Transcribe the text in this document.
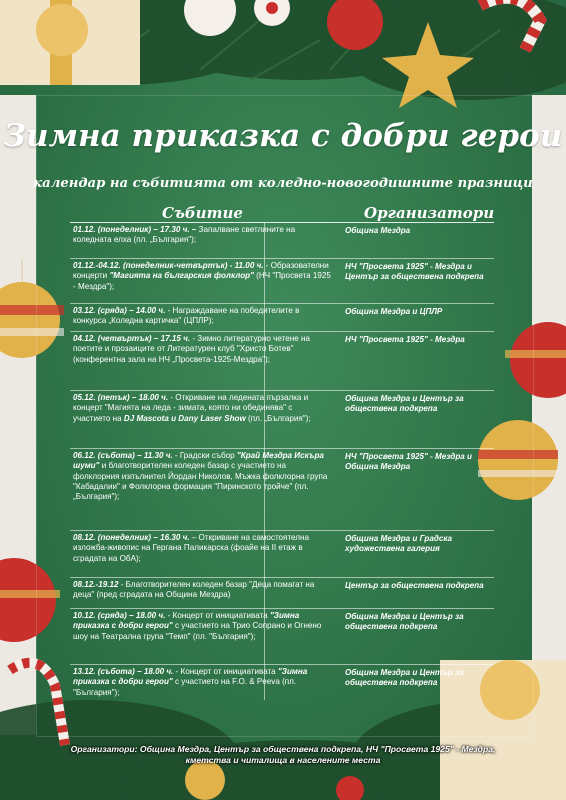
Зимна приказка с добри герои
календар на събитията от коледно-новогодишните празници
Събитие	Организатори
01.12. (понеделник) – 17.30 ч. – Запалване светлините на коледната елха (пл. „България");
Община Мездра
01.12.-04.12. (понеделник-четвъртък) - 11.00 ч. - Образователни концерти "Магията на българския фолклор" (НЧ "Просвета 1925 - Мездра");
НЧ "Просвета 1925" - Мездра и Център за обществена подкрепа
03.12. (сряда) – 14.00 ч. - Награждаване на победителите в конкурса „Коледна картичка" (ЦПЛР);
Община Мездра и ЦПЛР
04.12. (четвъртък) – 17.15 ч. - Зимно литературно четене на поетите и прозаиците от Литературен клуб "Христо Ботев" (конферентна зала на НЧ „Просвета-1925-Мездра");
НЧ "Просвета 1925" - Мездра
05.12. (петък) – 18.00 ч. - Откриване на ледената пързалка и концерт "Магията на леда - зимата, която ни обединява" с участието на DJ Mascota и Dany Laser Show (пл. „България");
Община Мездра и Център за обществена подкрепа
06.12. (събота) – 11.30 ч. - Градски събор "Край Мездра Искъра шуми" и благотворителен коледен базар с участието на фолклорния изпълнител Йордан Николов, Мъжка фолклорна група "Кабадалии" и Фолклорна формация "Пиринското тройче" (пл. „България");
НЧ "Просвета 1925" - Мездра и Община Мездра
08.12. (понеделник) – 16.30 ч. – Откриване на самостоятелна изложба-живопис на Гергана Паликарска (фоайе на II етаж в сградата на ОбА);
Община Мездра и Градска художествена галерия
08.12.-19.12 - Благотворителен коледен базар "Деца помагат на деца" (пред сградата на Община Мездра)
Център за обществена подкрепа
10.12. (сряда) – 18.00 ч. - Концерт от инициативата "Зимна приказка с добри герои" с участието на Трио Сопрано и Огнено шоу на Театрална група "Темп" (пл. "България");
Община Мездра и Център за обществена подкрепа
13.12. (събота) – 18.00 ч. - Концерт от инициативата "Зимна приказка с добри герои" с участието на F.O. & Peeva (пл. "България");
Община Мездра и Център за обществена подкрепа
Организатори: Община Мездра, Център за обществена подкрепа, НЧ "Просвета 1925" - Мездра, кметства и читалища в населените места
